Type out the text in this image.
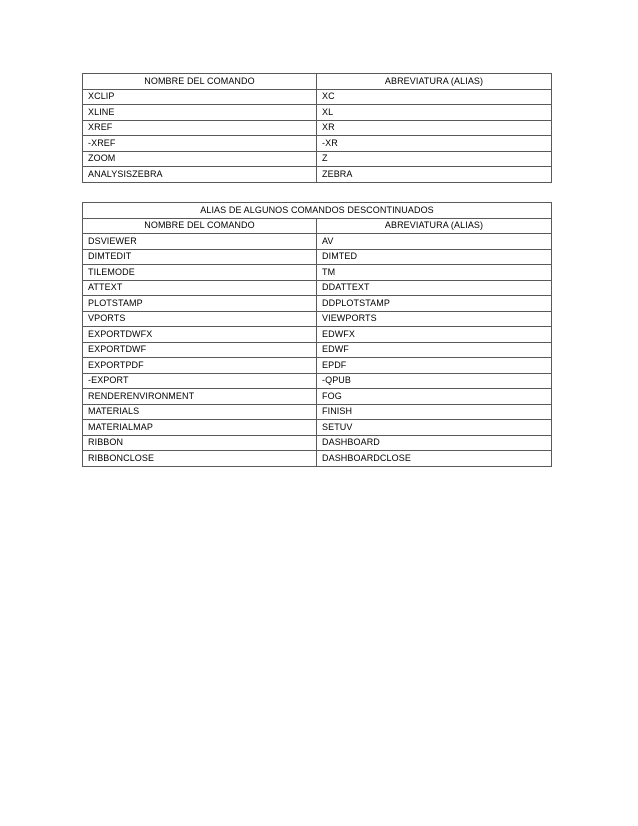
NOMBRE DEL COMANDO	ABREVIATURA (ALIAS)
XCLIP	XC
XLINE	XL
XREF	XR
-XREF	-XR
ZOOM	Z
ANALYSISZEBRA	ZEBRA
ALIAS DE ALGUNOS COMANDOS DESCONTINUADOS	
NOMBRE DEL COMANDO	ABREVIATURA (ALIAS)
DSVIEWER	AV
DIMTEDIT	DIMTED
TILEMODE	TM
ATTEXT	DDATTEXT
PLOTSTAMP	DDPLOTSTAMP
VPORTS	VIEWPORTS
EXPORTDWFX	EDWFX
EXPORTDWF	EDWF
EXPORTPDF	EPDF
-EXPORT	-QPUB
RENDERENVIRONMENT	FOG
MATERIALS	FINISH
MATERIALMAP	SETUV
RIBBON	DASHBOARD
RIBBONCLOSE	DASHBOARDCLOSE
